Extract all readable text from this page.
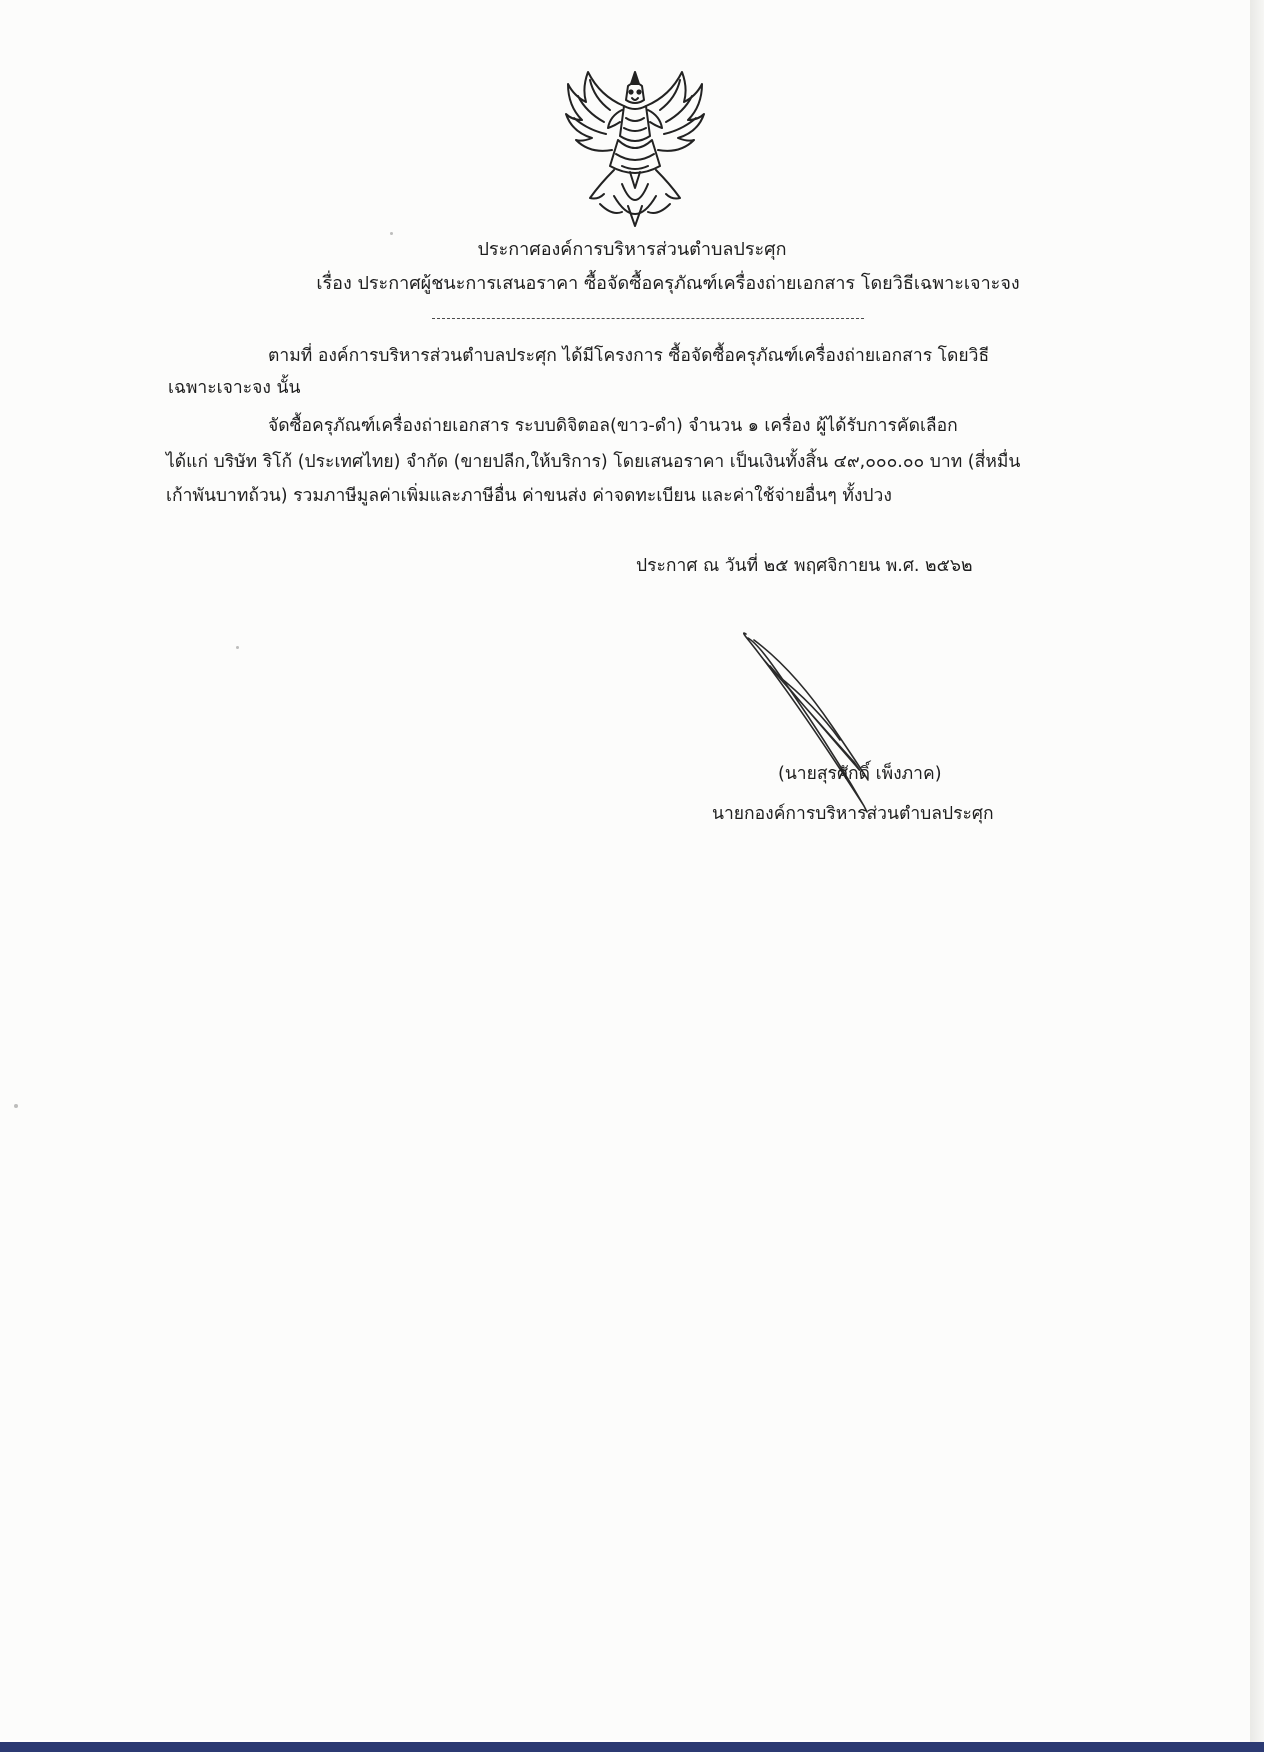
ประกาศองค์การบริหารส่วนตำบลประศุก
เรื่อง ประกาศผู้ชนะการเสนอราคา ซื้อจัดซื้อครุภัณฑ์เครื่องถ่ายเอกสาร โดยวิธีเฉพาะเจาะจง
ตามที่ องค์การบริหารส่วนตำบลประศุก ได้มีโครงการ ซื้อจัดซื้อครุภัณฑ์เครื่องถ่ายเอกสาร โดยวิธี
เฉพาะเจาะจง นั้น
จัดซื้อครุภัณฑ์เครื่องถ่ายเอกสาร ระบบดิจิตอล(ขาว-ดำ) จำนวน ๑ เครื่อง ผู้ได้รับการคัดเลือก
ได้แก่ บริษัท ริโก้ (ประเทศไทย) จำกัด (ขายปลีก,ให้บริการ) โดยเสนอราคา เป็นเงินทั้งสิ้น ๔๙,๐๐๐.๐๐ บาท (สี่หมื่น
เก้าพันบาทถ้วน) รวมภาษีมูลค่าเพิ่มและภาษีอื่น ค่าขนส่ง ค่าจดทะเบียน และค่าใช้จ่ายอื่นๆ ทั้งปวง
ประกาศ ณ วันที่ ๒๕ พฤศจิกายน พ.ศ. ๒๕๖๒
(นายสุรศักดิ์ เพ็งภาค)
นายกองค์การบริหารส่วนตำบลประศุก
